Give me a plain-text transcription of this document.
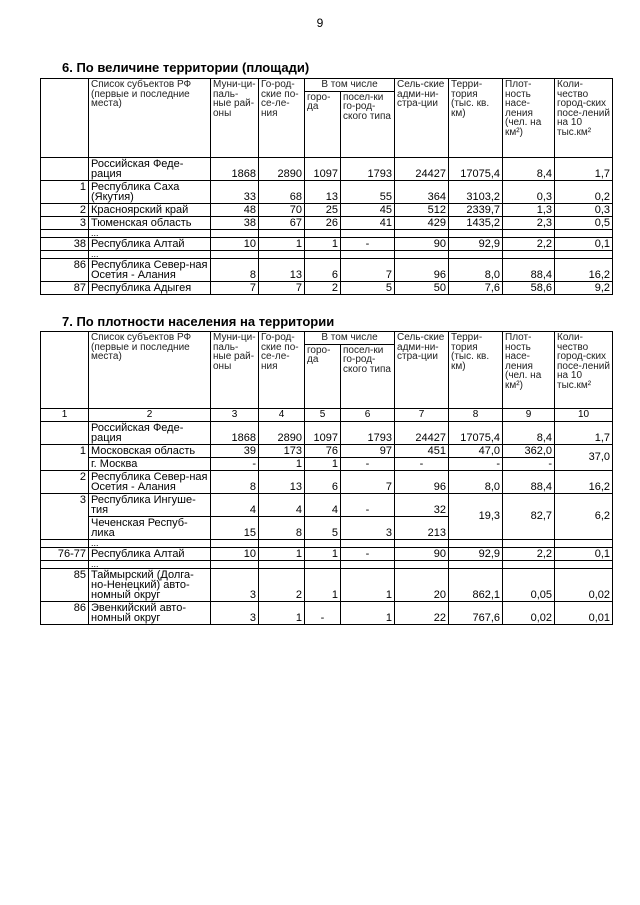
9
6. По величине территории (площади)
	Список субъектов РФ (первые и последние места)	Муни-ци-паль-ные рай-оны	Го-род-ские по-се-ле-ния	В том числе		Сель-ские адми-ни-стра-ции	Терри-тория (тыс. кв. км)	Плот-ность насе-ления (чел. на км²)	Коли-чество город-ских посе-лений на 10 тыс.км²
				горо-да	посел-ки го-род-ского типа				
	Российская Феде-рация	1868	2890	1097	1793	24427	17075,4	8,4	1,7
1	Республика Саха (Якутия)	33	68	13	55	364	3103,2	0,3	0,2
2	Красноярский край	48	70	25	45	512	2339,7	1,3	0,3
3	Тюменская область	38	67	26	41	429	1435,2	2,3	0,5
	...								
38	Республика Алтай	10	1	1	-	90	92,9	2,2	0,1
	...								
86	Республика Север-ная Осетия - Алания	8	13	6	7	96	8,0	88,4	16,2
87	Республика Адыгея	7	7	2	5	50	7,6	58,6	9,2
7. По плотности населения на территории
	Список субъектов РФ (первые и последние места)	Муни-ци-паль-ные рай-оны	Го-род-ские по-се-ле-ния	В том числе		Сель-ские адми-ни-стра-ции	Терри-тория (тыс. кв. км)	Плот-ность насе-ления (чел. на км²)	Коли-чество город-ских посе-лений на 10 тыс.км²
				горо-да	посел-ки го-род-ского типа				
1	2	3	4	5	6	7	8	9	10
	Российская Феде-рация	1868	2890	1097	1793	24427	17075,4	8,4	1,7
1	Московская область	39	173	76	97	451	47,0	362,0	37,0
	г. Москва	-	1	1	-	-	-	-	
2	Республика Север-ная Осетия - Алания	8	13	6	7	96	8,0	88,4	16,2
3	Республика Ингуше-тия	4	4	4	-	32	19,3	82,7	6,2
	Чеченская Респуб-лика	15	8	5	3	213			
	...								
76-77	Республика Алтай	10	1	1	-	90	92,9	2,2	0,1
	...								
85	Таймырский (Долга-но-Ненецкий) авто-номный округ	3	2	1	1	20	862,1	0,05	0,02
86	Эвенкийский авто-номный округ	3	1	-	1	22	767,6	0,02	0,01
